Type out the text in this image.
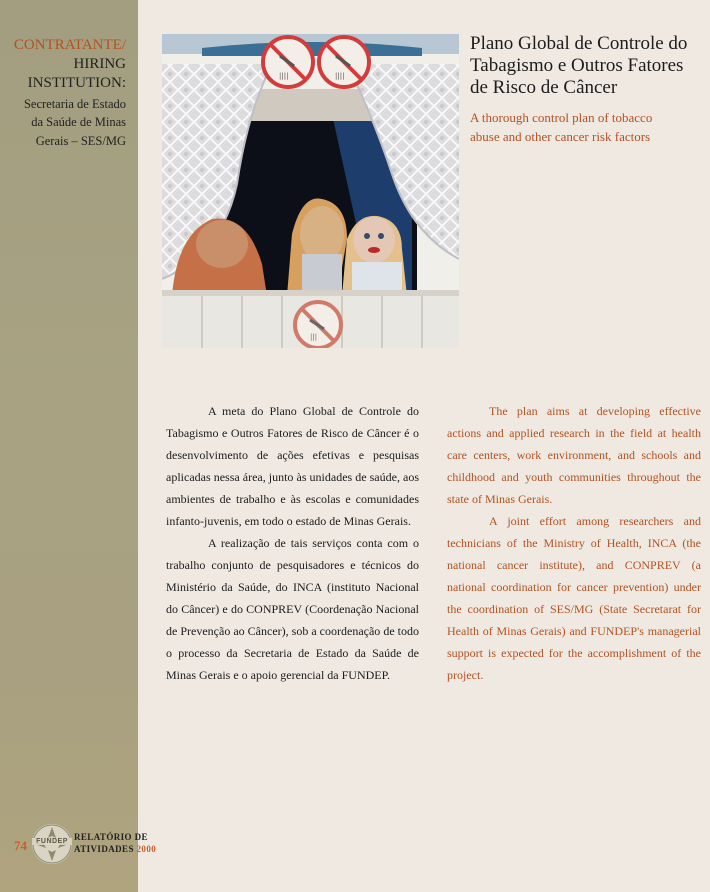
CONTRATANTE/
HIRING
INSTITUTION:
Secretaria de Estado
da Saúde de Minas
Gerais – SES/MG
74	FUNDEP RELATÓRIO DE
ATIVIDADES 2000
||||	||||
|||
Plano Global de Controle do
Tabagismo e Outros Fatores
de Risco de Câncer
A thorough control plan of tobacco
abuse and other cancer risk factors

A meta do Plano Global de Controle do Tabagismo e Outros Fatores de Risco de Câncer é o desenvolvimento de ações efetivas e pesquisas aplicadas nessa área, junto às unidades de saúde, aos ambientes de trabalho e às escolas e comunidades infanto-juvenis, em todo o estado de Minas Gerais.

A realização de tais serviços conta com o trabalho conjunto de pesquisadores e técnicos do Ministério da Saúde, do INCA (instituto Nacional do Câncer) e do CONPREV (Coordenação Nacional de Prevenção ao Câncer), sob a coordenação de todo o processo da Secretaria de Estado da Saúde de Minas Gerais e o apoio gerencial da FUNDEP.

The plan aims at developing effective actions and applied research in the field at health care centers, work environment, and schools and childhood and youth communities throughout the state of Minas Gerais.

A joint effort among researchers and technicians of the Ministry of Health, INCA (the national cancer institute), and CONPREV (a national coordination for cancer prevention) under the coordination of SES/MG (State Secretarat for Health of Minas Gerais) and FUNDEP's managerial support is expected for the accomplishment of the project.
